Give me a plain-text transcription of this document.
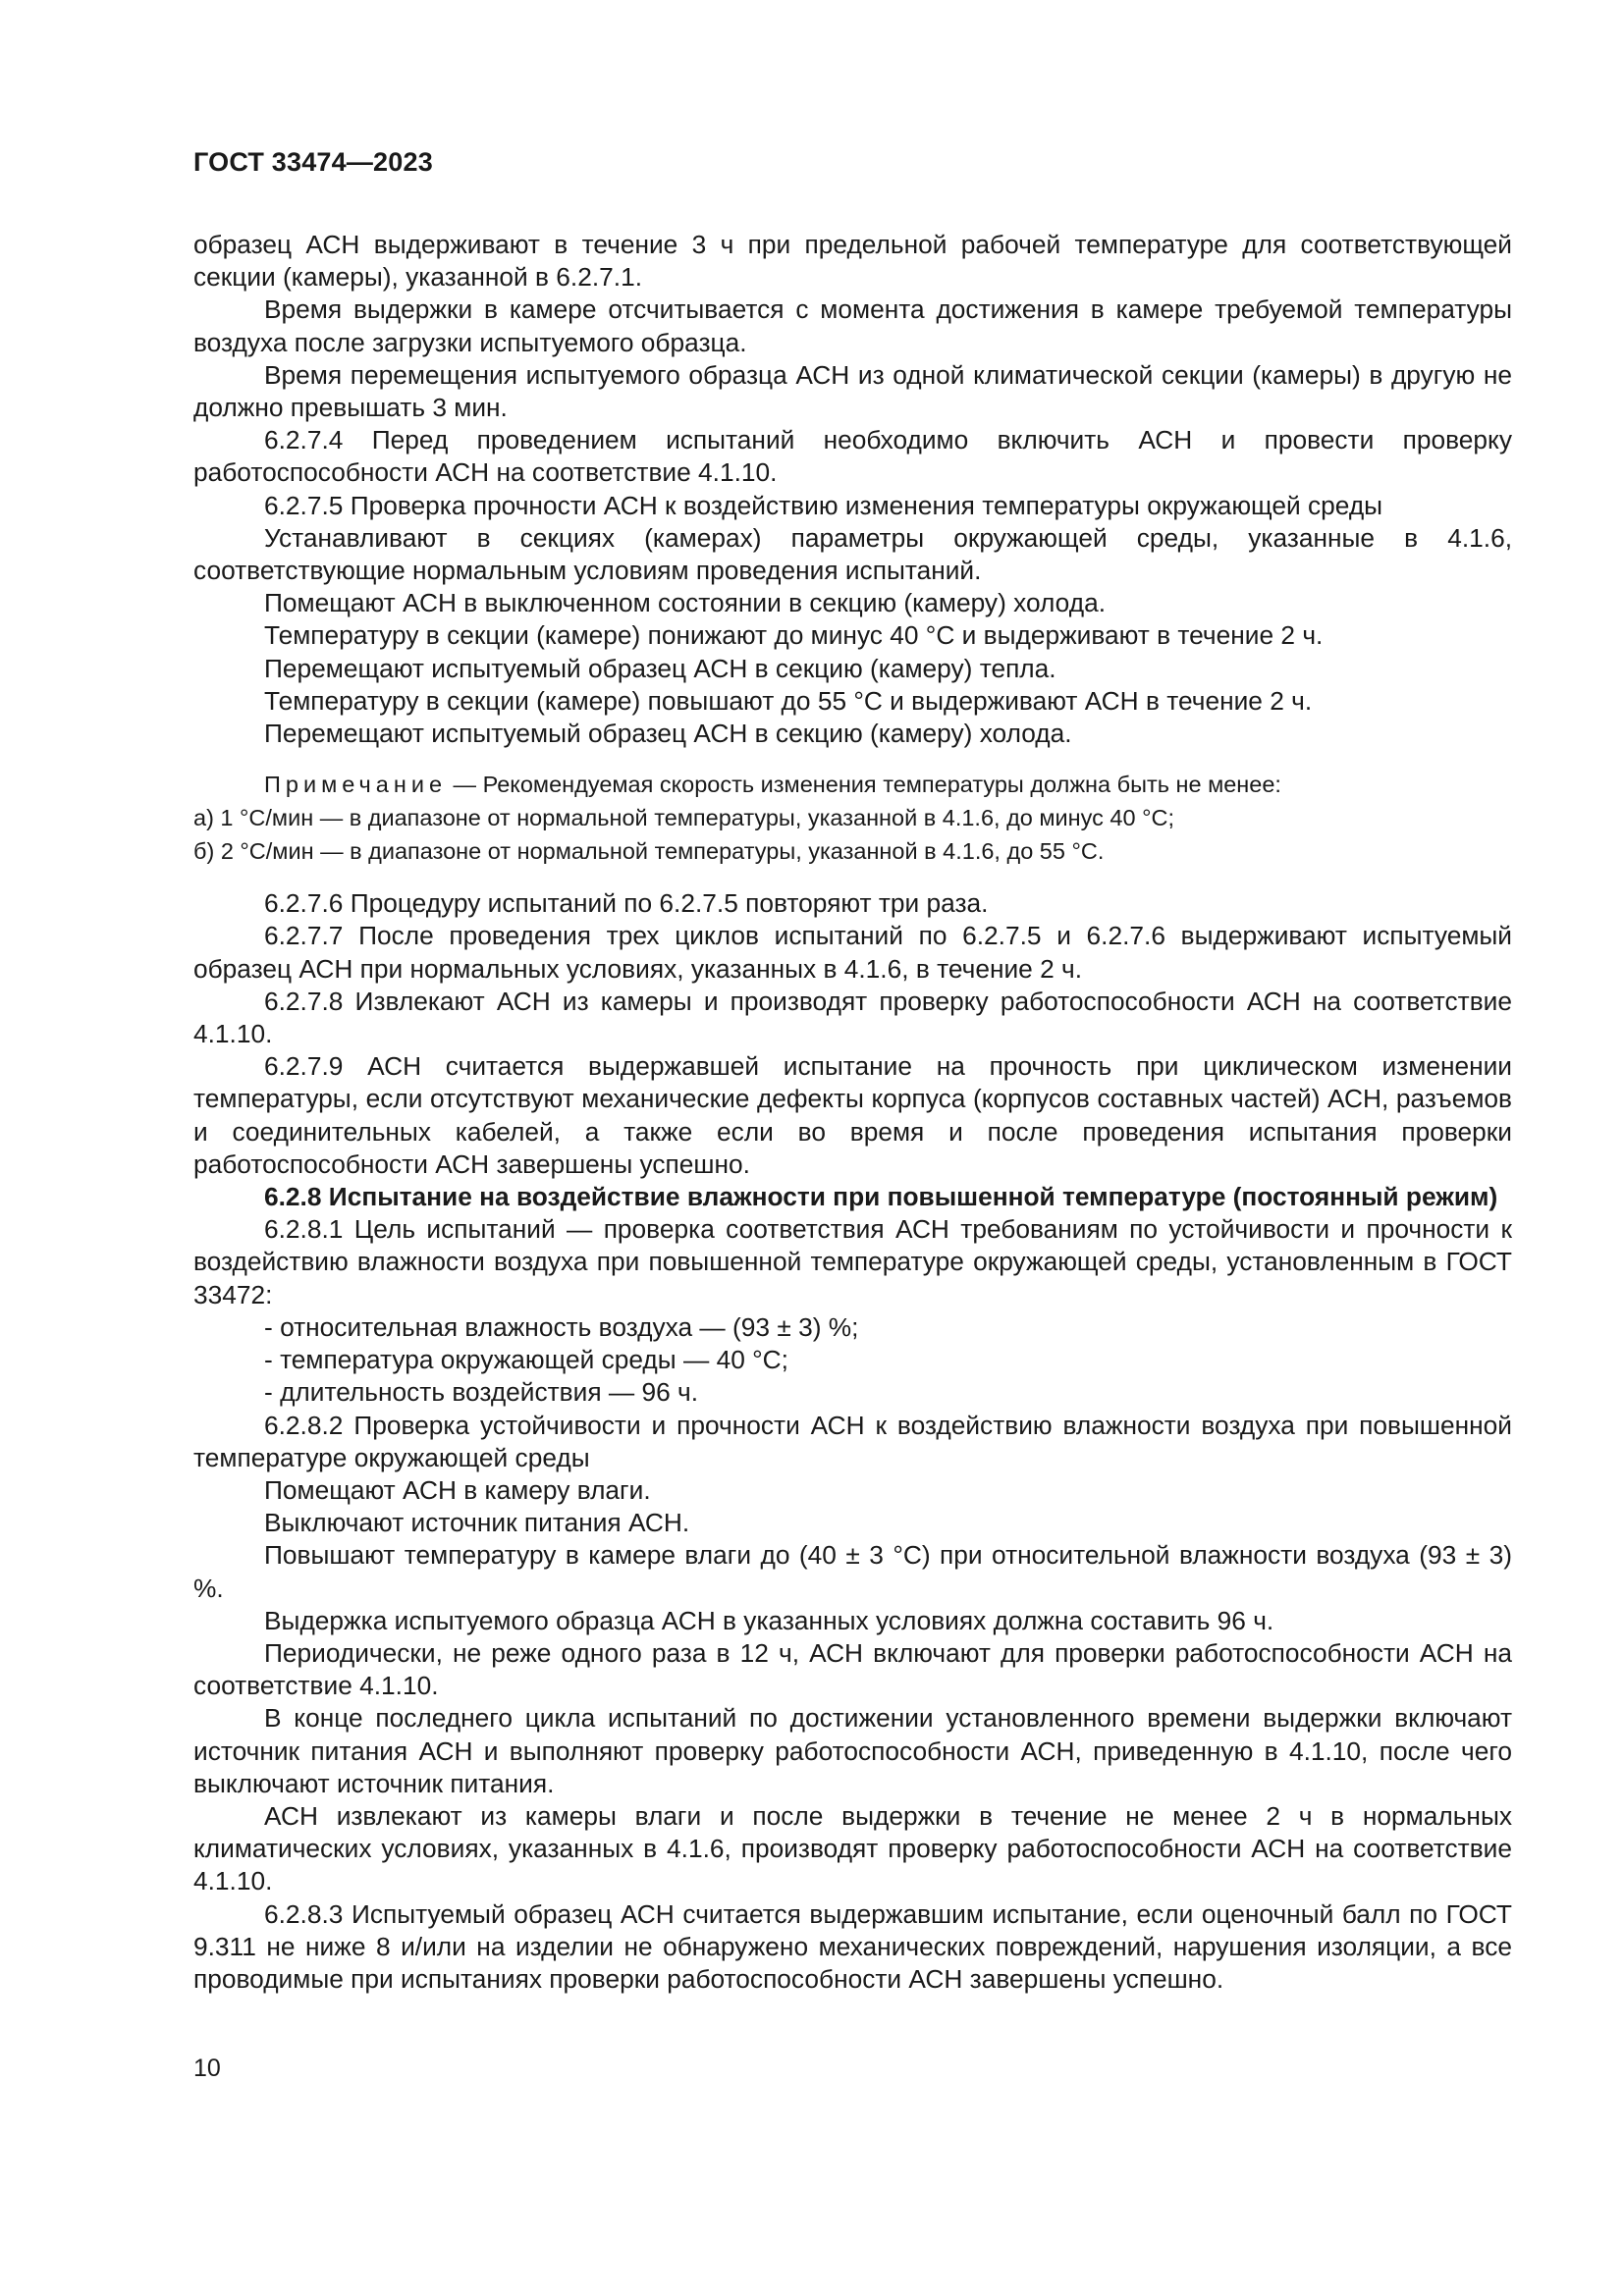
ГОСТ 33474—2023

образец АСН выдерживают в течение 3 ч при предельной рабочей температуре для соответствующей секции (камеры), указанной в 6.2.7.1.

Время выдержки в камере отсчитывается с момента достижения в камере требуемой температуры воздуха после загрузки испытуемого образца.

Время перемещения испытуемого образца АСН из одной климатической секции (камеры) в другую не должно превышать 3 мин.

6.2.7.4 Перед проведением испытаний необходимо включить АСН и провести проверку работоспособности АСН на соответствие 4.1.10.

6.2.7.5 Проверка прочности АСН к воздействию изменения температуры окружающей среды

Устанавливают в секциях (камерах) параметры окружающей среды, указанные в 4.1.6, соответствующие нормальным условиям проведения испытаний.

Помещают АСН в выключенном состоянии в секцию (камеру) холода.

Температуру в секции (камере) понижают до минус 40 °С и выдерживают в течение 2 ч.

Перемещают испытуемый образец АСН в секцию (камеру) тепла.

Температуру в секции (камере) повышают до 55 °С и выдерживают АСН в течение 2 ч.

Перемещают испытуемый образец АСН в секцию (камеру) холода.

Примечание — Рекомендуемая скорость изменения температуры должна быть не менее:

а) 1 °С/мин — в диапазоне от нормальной температуры, указанной в 4.1.6, до минус 40 °С;

б) 2 °С/мин — в диапазоне от нормальной температуры, указанной в 4.1.6, до 55 °С.

6.2.7.6 Процедуру испытаний по 6.2.7.5 повторяют три раза.

6.2.7.7 После проведения трех циклов испытаний по 6.2.7.5 и 6.2.7.6 выдерживают испытуемый образец АСН при нормальных условиях, указанных в 4.1.6, в течение 2 ч.

6.2.7.8 Извлекают АСН из камеры и производят проверку работоспособности АСН на соответствие 4.1.10.

6.2.7.9 АСН считается выдержавшей испытание на прочность при циклическом изменении температуры, если отсутствуют механические дефекты корпуса (корпусов составных частей) АСН, разъемов и соединительных кабелей, а также если во время и после проведения испытания проверки работоспособности АСН завершены успешно.

6.2.8 Испытание на воздействие влажности при повышенной температуре (постоянный режим)

6.2.8.1 Цель испытаний — проверка соответствия АСН требованиям по устойчивости и прочности к воздействию влажности воздуха при повышенной температуре окружающей среды, установленным в ГОСТ 33472:

- относительная влажность воздуха — (93 ± 3) %;

- температура окружающей среды — 40 °С;

- длительность воздействия — 96 ч.

6.2.8.2 Проверка устойчивости и прочности АСН к воздействию влажности воздуха при повышенной температуре окружающей среды

Помещают АСН в камеру влаги.

Выключают источник питания АСН.

Повышают температуру в камере влаги до (40 ± 3 °С) при относительной влажности воздуха (93 ± 3) %.

Выдержка испытуемого образца АСН в указанных условиях должна составить 96 ч.

Периодически, не реже одного раза в 12 ч, АСН включают для проверки работоспособности АСН на соответствие 4.1.10.

В конце последнего цикла испытаний по достижении установленного времени выдержки включают источник питания АСН и выполняют проверку работоспособности АСН, приведенную в 4.1.10, после чего выключают источник питания.

АСН извлекают из камеры влаги и после выдержки в течение не менее 2 ч в нормальных климатических условиях, указанных в 4.1.6, производят проверку работоспособности АСН на соответствие 4.1.10.

6.2.8.3 Испытуемый образец АСН считается выдержавшим испытание, если оценочный балл по ГОСТ 9.311 не ниже 8 и/или на изделии не обнаружено механических повреждений, нарушения изоляции, а все проводимые при испытаниях проверки работоспособности АСН завершены успешно.

10
